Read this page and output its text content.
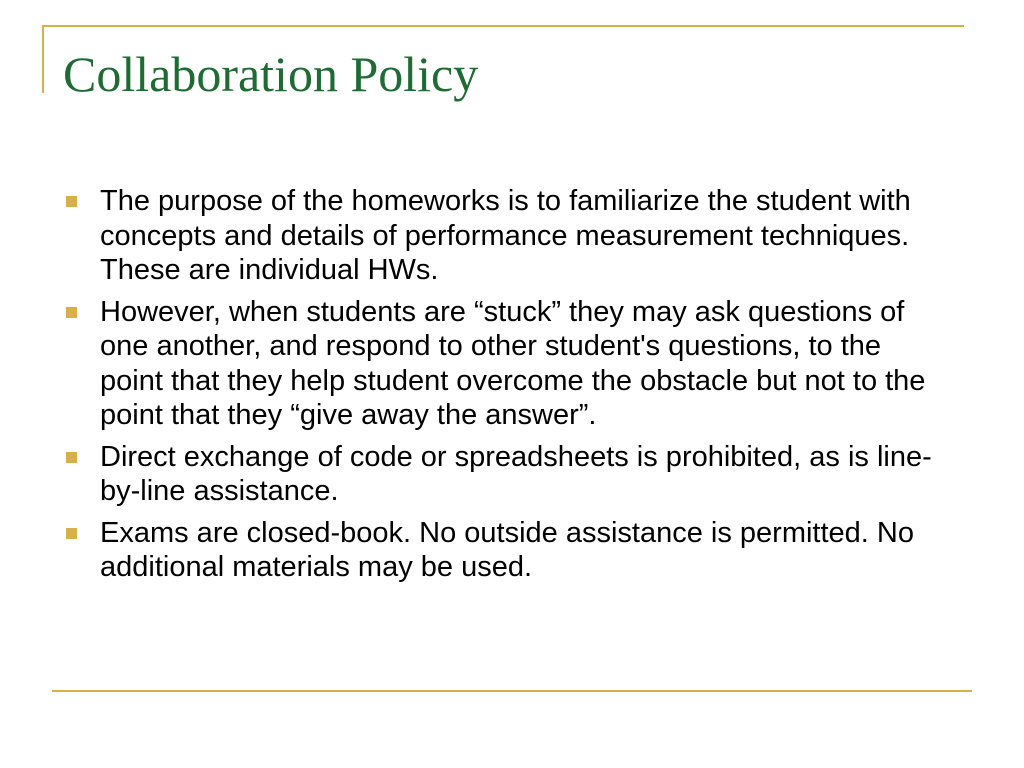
Collaboration Policy
The purpose of the homeworks is to familiarize the student with concepts and details of performance measurement techniques. These are individual HWs.
However, when students are “stuck” they may ask questions of one another, and respond to other student's questions, to the point that they help student overcome the obstacle but not to the point that they “give away the answer”.
Direct exchange of code or spreadsheets is prohibited, as is line-by-line assistance.
Exams are closed-book. No outside assistance is permitted. No additional materials may be used.
